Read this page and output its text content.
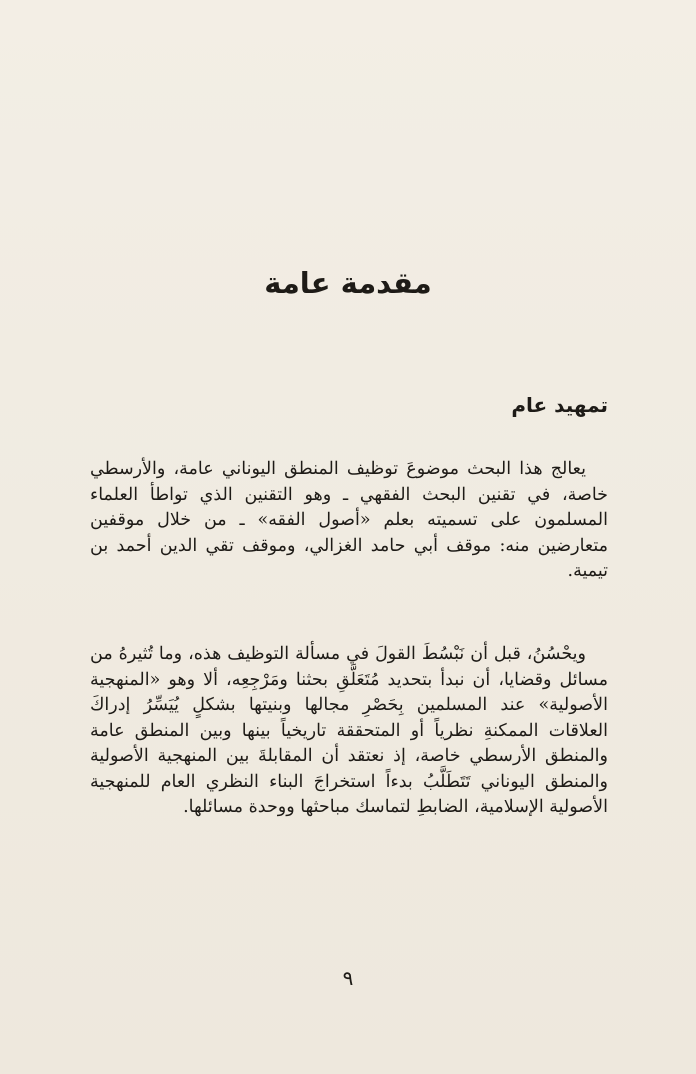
مقدمة عامة
تمهيد عام

يعالج هذا البحث موضوعَ توظيف المنطق اليوناني عامة، والأرسطي خاصة، في تقنين البحث الفقهي ـ وهو التقنين الذي تواطأ العلماء المسلمون على تسميته بعلم «أصول الفقه» ـ من خلال موقفين متعارضين منه: موقف أبي حامد الغزالي، وموقف تقي الدين أحمد بن تيمية.

ويحْسُنُ، قبل أن نَبْسُطَ القولَ في مسألة التوظيف هذه، وما تُثيرهُ من مسائل وقضايا، أن نبدأ بتحديد مُتَعَلَّقِ بحثنا ومَرْجِعِه، ألا وهو «المنهجية الأصولية» عند المسلمين بِحَصْرِ مجالها وبنيتها بشكلٍ يُيَسِّرُ إدراكَ العلاقات الممكنةِ نظرياً أو المتحققة تاريخياً بينها وبين المنطق عامة والمنطق الأرسطي خاصة، إذ نعتقد أن المقابلةَ بين المنهجية الأصولية والمنطق اليوناني تَتَطَلَّبُ بدءاً استخراجَ البناء النظري العام للمنهجية الأصولية الإسلامية، الضابطِ لتماسك مباحثها ووحدة مسائلها.

٩
